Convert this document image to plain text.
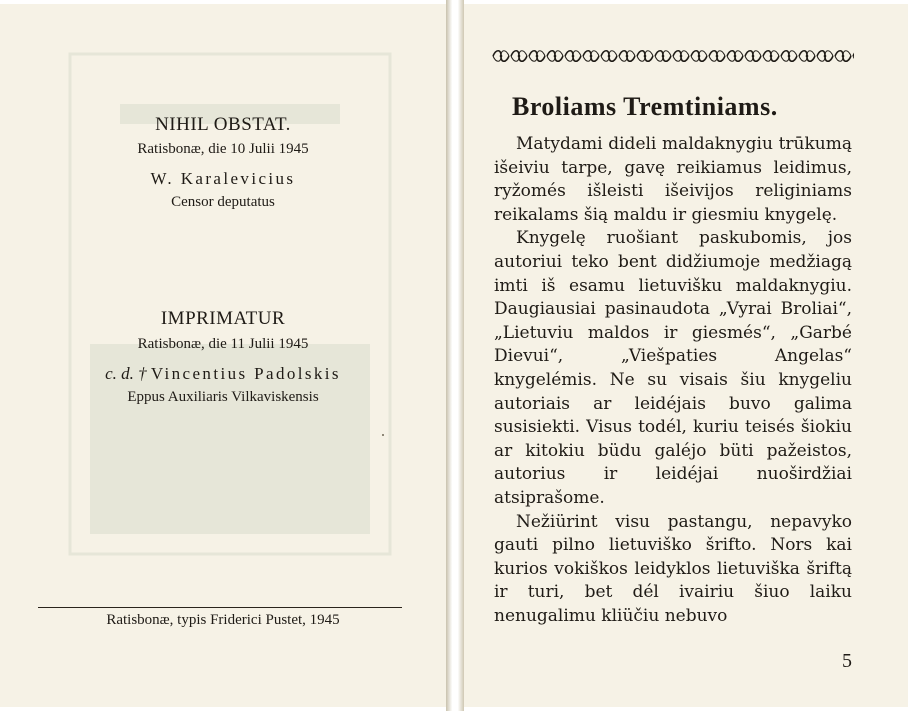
NIHIL OBSTAT.
Ratisbonæ, die 10 Julii 1945
W. Karalevicius
Censor deputatus
IMPRIMATUR
Ratisbonæ, die 11 Julii 1945
c. d. † Vincentius Padolskis
Eppus Auxiliaris Vilkaviskensis
Ratisbonæ, typis Friderici Pustet, 1945
Broliams Tremtiniams.

Matydami dideli maldaknygiu trūkumą išeiviu tarpe, gavę reikiamus leidimus, ryžomés išleisti išeivijos religiniams reikalams šią maldu ir giesmiu knygelę.

Knygelę ruošiant paskubomis, jos autoriui teko bent didžiumoje medžiagą imti iš esamu lietuvišku maldaknygiu. Daugiausiai pasinaudota „Vyrai Broliai“, „Lietuviu maldos ir giesmés“, „Garbé Dievui“, „Viešpaties Angelas“ knygelémis. Ne su visais šiu knygeliu autoriais ar leidéjais buvo galima susisiekti. Visus todél, kuriu teisés šiokiu ar kitokiu büdu galéjo büti pažeistos, autorius ir leidéjai nuoširdžiai atsiprašome.

Nežiürint visu pastangu, nepavyko gauti pilno lietuviško šrifto. Nors kai kurios vokiškos leidyklos lietuviška šriftą ir turi, bet dél ivairiu šiuo laiku nenugalimu kliüčiu nebuvo

5
